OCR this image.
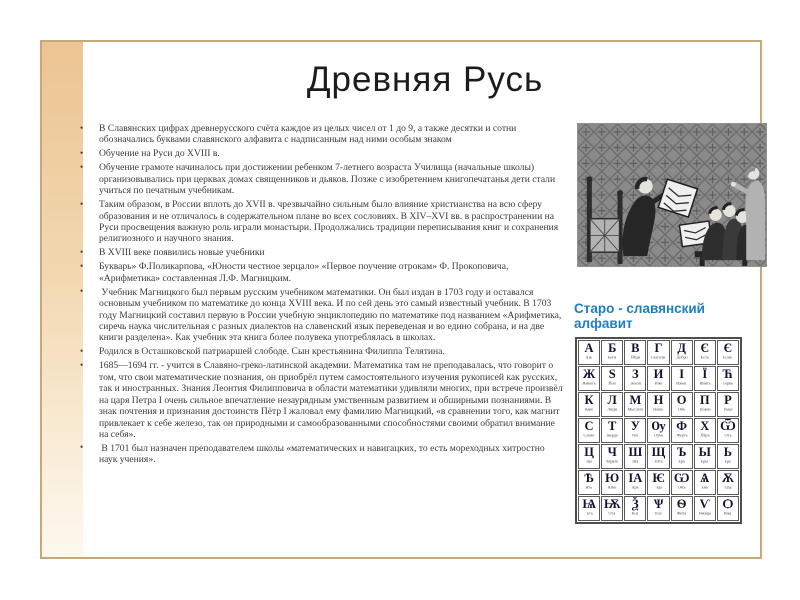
Древняя Русь
• В Славянских цифрах древнерусского счёта каждое из целых чисел от 1 до 9, а также десятки и сотни обозначались буквами славянского алфавита с надписанным над ними особым знаком
• Обучение на Руси до XVIII в.
• Обучение грамоте начиналось при достижении ребенком 7-летнего возраста Училища (начальные школы) организовывались при церквах домах священников и дьяков. Позже с изобретением книгопечатанья дети стали учиться по печатным учебникам.
• Таким образом, в России вплоть до XVII в. чрезвычайно сильным было влияние христианства на всю сферу образования и не отличалось в содержательном плане во всех сословиях. В XIV–XVI вв. в распространении на Руси просвещения важную роль играли монастыри. Продолжались традиции переписывания книг и сохранения религиозного и научного знания.
• В XVIII веке появились новые учебники
• Букварь» Ф.Поликарпова, «Юности честное зерцало» «Первое поучение отрокам» Ф. Прокоповича, «Арифметика» составленная Л.Ф. Магницким.
•  Учебник Магницкого был первым русским учебником математики. Он был издан в 1703 году и оставался основным учебником по математике до конца XVIII века. И по сей день это самый известный учебник. В 1703 году Магницкий составил первую в России учебную энциклопедию по математике под названием «Арифметика, сиречь наука числительная с разных диалектов на славенский язык переведеная и во едино собрана, и на две книги разделена». Как учебник эта книга более полувека употреблялась в школах.
• Родился в Осташковской патриаршей слободе. Сын крестьянина Филиппа Телятина.
• 1685—1694 гг. - учится в Славяно-греко-латинской академии. Математика там не преподавалась, что говорит о том, что свои математические познания, он приобрёл путем самостоятельного изучения рукописей как русских, так и иностранных. Знания Леонтия Филипповича в области математики удивляли многих, при встрече произвёл на царя Петра I очень сильное впечатление незаурядным умственным развитием и обширными познаниями. В знак почтения и признания достоинств Пётр I жаловал ему фамилию Магницкий, «в сравнении того, как магнит привлекает к себе железо, так он природными и самообразованными способностями своими обратил внимание на себя».
•  В 1701 был назначен преподавателем школы «математических и навигацких, то есть мореходных хитростно наук учения».
Старо - славянский алфавит
А
Азъ
Б
Боги
В
Вѣди
Г
Глаголи
Д
Добро
Є
Есть
Є
Есмь
Ж
Животъ
Ѕ
Зѣло
З
Земля
И
Иже
І
Ижеи
Ї
Инить
Ћ
Гервь
К
Како
Л
Люди
М
Мыслете
Н
Нашь
О
Онъ
П
Покои
Р
Рьци
С
Слово
Т
Твердо
У
Укъ
Ѹ
Оукъ
Ф
Фертъ
Х
Хѣръ
Ѿ
Отъ
Ц
Цы
Ч
Червль
Ш
Ша
Щ
Шта
Ъ
Еръ
Ы
Еры
Ь
Ерь
Ѣ
Ять
Ю
Юнь
ІА
Арь
Ѥ
Эдо
Ѡ
Омъ
Ѧ
Ень
Ѫ
Одь
Ѩ
Ета
Ѭ
Ота
Ѯ
Кси
Ѱ
Пси
Ѳ
Фита
Ѵ
Ижица
Ѻ
Ижа
